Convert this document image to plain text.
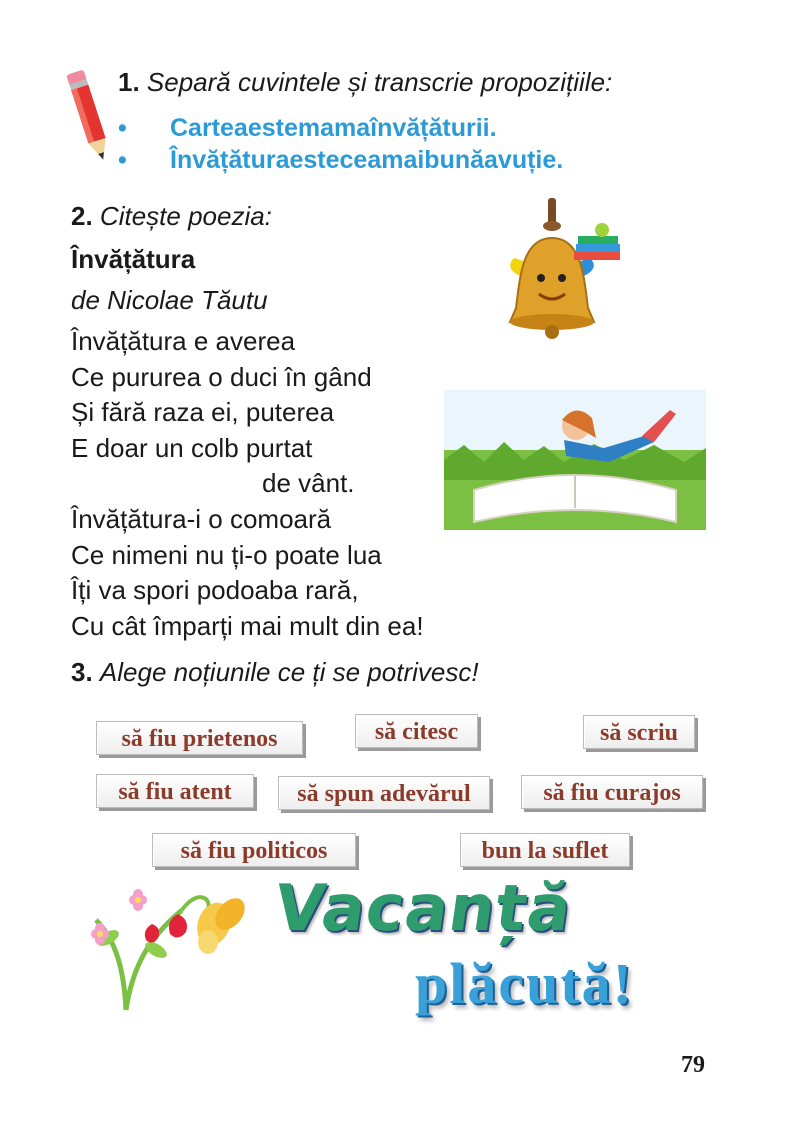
1. Separă cuvintele și transcrie propozițiile:
• Carteaestemamaînvățăturii.
• Învățăturaesteceamaibunăavuție.
2. Citește poezia:
Învățătura
de Nicolae Tăutu
Învățătura e averea
Ce pururea o duci în gând
Și fără raza ei, puterea
E doar un colb purtat
de vânt.
Învățătura-i o comoară
Ce nimeni nu ți-o poate lua
Îți va spori podoaba rară,
Cu cât împarți mai mult din ea!
3. Alege noțiunile ce ți se potrivesc!
să fiu prietenos	să citesc	să scriu
să fiu atent	să spun adevărul	să fiu curajos
să fiu politicos	bun la suflet
Vacanță
plăcută!
79
